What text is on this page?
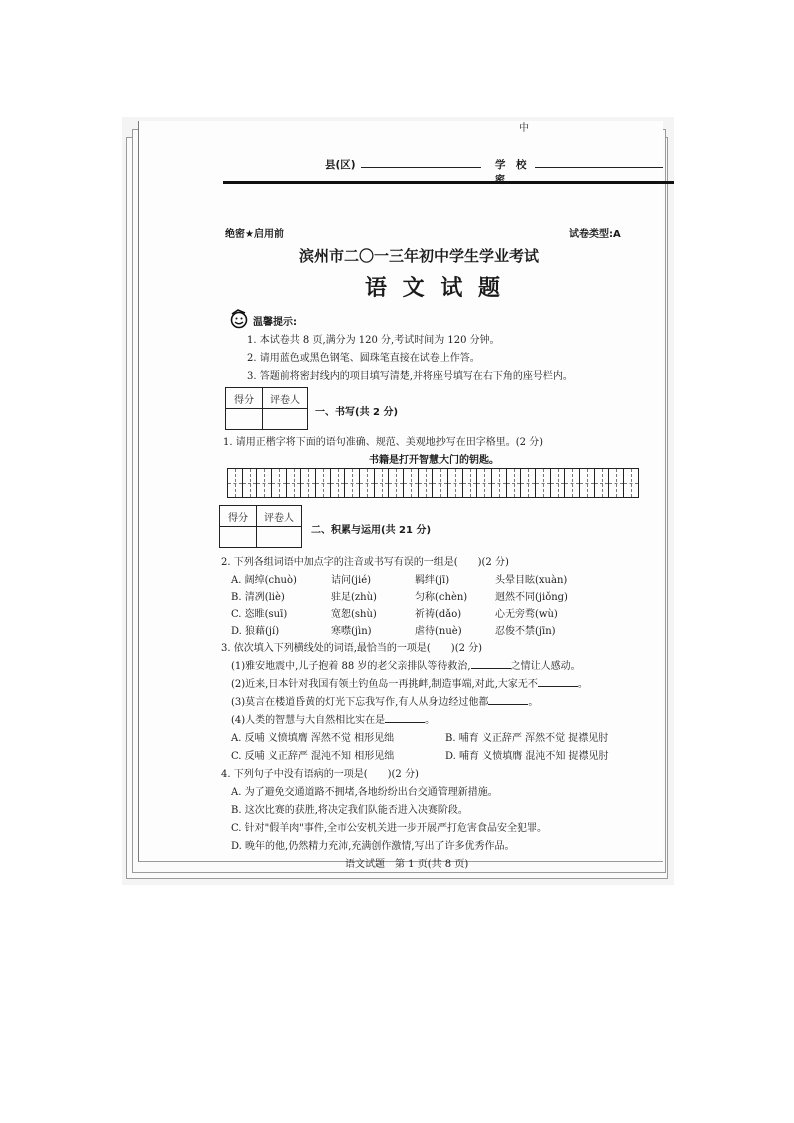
中
县(区)	学　校
绝密★启用前	试卷类型:A
滨州市二〇一三年初中学生学业考试
语 文 试 题
温馨提示:
1. 本试卷共 8 页,满分为 120 分,考试时间为 120 分钟。
2. 请用蓝色或黑色钢笔、圆珠笔直接在试卷上作答。
3. 答题前将密封线内的项目填写清楚,并将座号填写在右下角的座号栏内。
得分	评卷人

一、书写(共 2 分)
1. 请用正楷字将下面的语句准确、规范、美观地抄写在田字格里。(2 分)
书籍是打开智慧大门的钥匙。
得分	评卷人

二、积累与运用(共 21 分)
2. 下列各组词语中加点字的注音或书写有误的一组是(　　)(2 分)
A. 阔绰(chuò)	诘问(jié)	羁绊(jī)	头晕目眩(xuàn)
B. 清冽(liè)	驻足(zhù)	匀称(chèn)	迥然不同(jiǒng)
C. 恣睢(suī)	宽恕(shù)	祈祷(dǎo)	心无旁骛(wù)
D. 狼藉(jí)	寒噤(jìn)	虐待(nuè)	忍俊不禁(jīn)
3. 依次填入下列横线处的词语,最恰当的一项是(　　)(2 分)
(1)雅安地震中,儿子抱着 88 岁的老父亲排队等待救治,	之情让人感动。
(2)近来,日本针对我国有领土钓鱼岛一再挑衅,制造事端,对此,大家无不	。
(3)莫言在楼道昏黄的灯光下忘我写作,有人从身边经过他都	。
(4)人类的智慧与大自然相比实在是	。
A. 反哺 义愤填膺 浑然不觉 相形见绌	B. 哺育 义正辞严 浑然不觉 捉襟见肘
C. 反哺 义正辞严 混沌不知 相形见绌	D. 哺育 义愤填膺 混沌不知 捉襟见肘
4. 下列句子中没有语病的一项是(　　)(2 分)
A. 为了避免交通道路不拥堵,各地纷纷出台交通管理新措施。
B. 这次比赛的获胜,将决定我们队能否进入决赛阶段。
C. 针对"假羊肉"事件,全市公安机关进一步开展严打危害食品安全犯罪。
D. 晚年的他,仍然精力充沛,充满创作激情,写出了许多优秀作品。
语文试题　第 1 页(共 8 页)
